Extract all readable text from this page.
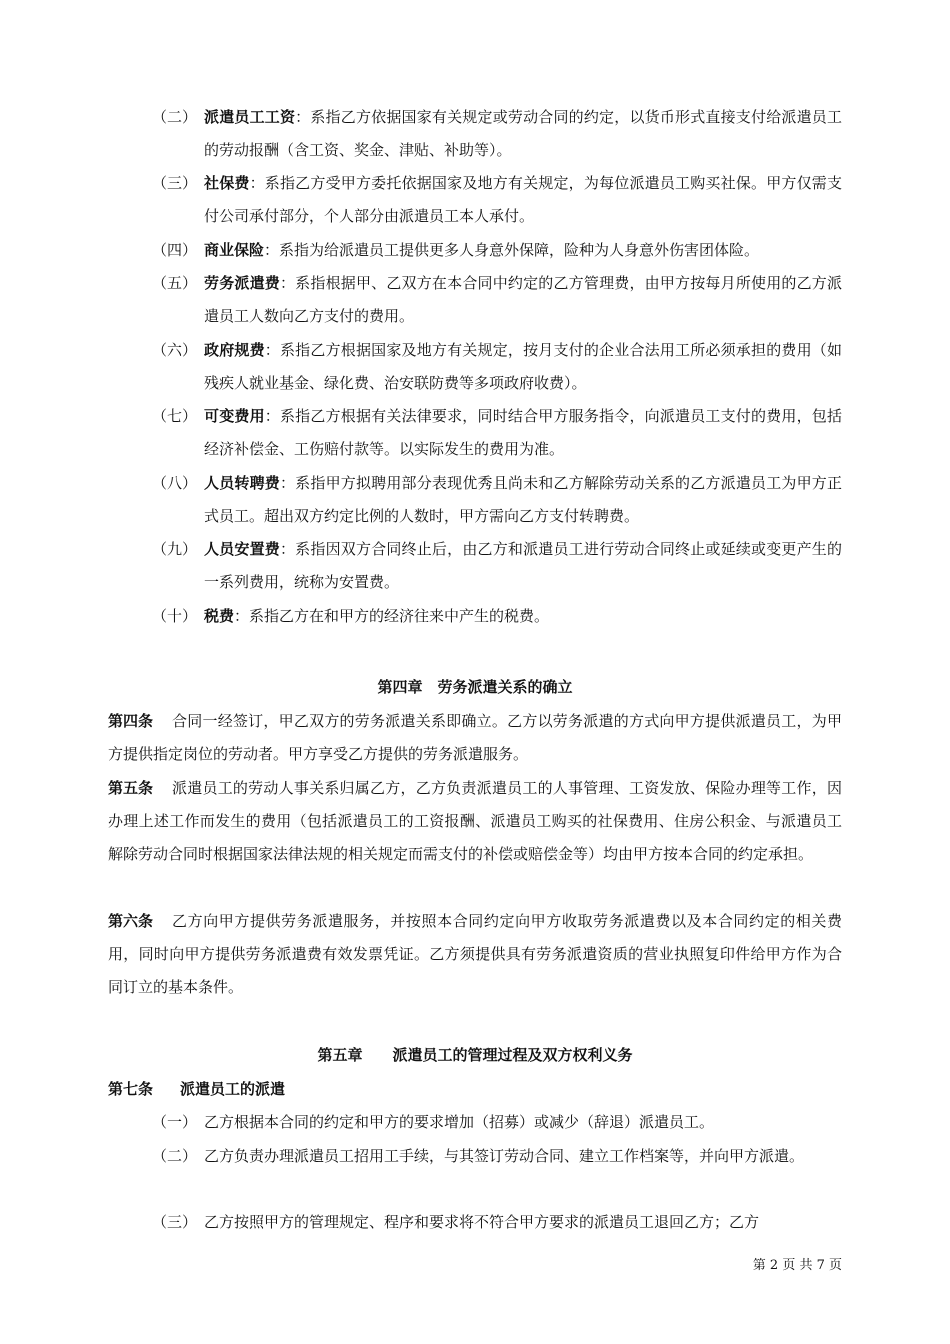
（二） 派遣员工工资：系指乙方依据国家有关规定或劳动合同的约定，以货币形式直接支付给派遣员工的劳动报酬（含工资、奖金、津贴、补助等）。
（三） 社保费：系指乙方受甲方委托依据国家及地方有关规定，为每位派遣员工购买社保。甲方仅需支付公司承付部分，个人部分由派遣员工本人承付。
（四） 商业保险：系指为给派遣员工提供更多人身意外保障，险种为人身意外伤害团体险。
（五） 劳务派遣费：系指根据甲、乙双方在本合同中约定的乙方管理费，由甲方按每月所使用的乙方派遣员工人数向乙方支付的费用。
（六） 政府规费：系指乙方根据国家及地方有关规定，按月支付的企业合法用工所必须承担的费用（如残疾人就业基金、绿化费、治安联防费等多项政府收费）。
（七） 可变费用：系指乙方根据有关法律要求，同时结合甲方服务指令，向派遣员工支付的费用，包括经济补偿金、工伤赔付款等。以实际发生的费用为准。
（八） 人员转聘费：系指甲方拟聘用部分表现优秀且尚未和乙方解除劳动关系的乙方派遣员工为甲方正式员工。超出双方约定比例的人数时，甲方需向乙方支付转聘费。
（九） 人员安置费：系指因双方合同终止后，由乙方和派遣员工进行劳动合同终止或延续或变更产生的一系列费用，统称为安置费。
（十） 税费：系指乙方在和甲方的经济往来中产生的税费。
第四章　劳务派遣关系的确立
第四条	合同一经签订，甲乙双方的劳务派遣关系即确立。乙方以劳务派遣的方式向甲方提供派遣员工，为甲方提供指定岗位的劳动者。甲方享受乙方提供的劳务派遣服务。
第五条	派遣员工的劳动人事关系归属乙方，乙方负责派遣员工的人事管理、工资发放、保险办理等工作，因办理上述工作而发生的费用（包括派遣员工的工资报酬、派遣员工购买的社保费用、住房公积金、与派遣员工解除劳动合同时根据国家法律法规的相关规定而需支付的补偿或赔偿金等）均由甲方按本合同的约定承担。
第六条	乙方向甲方提供劳务派遣服务，并按照本合同约定向甲方收取劳务派遣费以及本合同约定的相关费用，同时向甲方提供劳务派遣费有效发票凭证。乙方须提供具有劳务派遣资质的营业执照复印件给甲方作为合同订立的基本条件。
第五章　　派遣员工的管理过程及双方权利义务
第七条	派遣员工的派遣
（一） 乙方根据本合同的约定和甲方的要求增加（招募）或减少（辞退）派遣员工。
（二） 乙方负责办理派遣员工招用工手续，与其签订劳动合同、建立工作档案等，并向甲方派遣。
（三） 乙方按照甲方的管理规定、程序和要求将不符合甲方要求的派遣员工退回乙方；乙方
第 2 页 共 7 页
